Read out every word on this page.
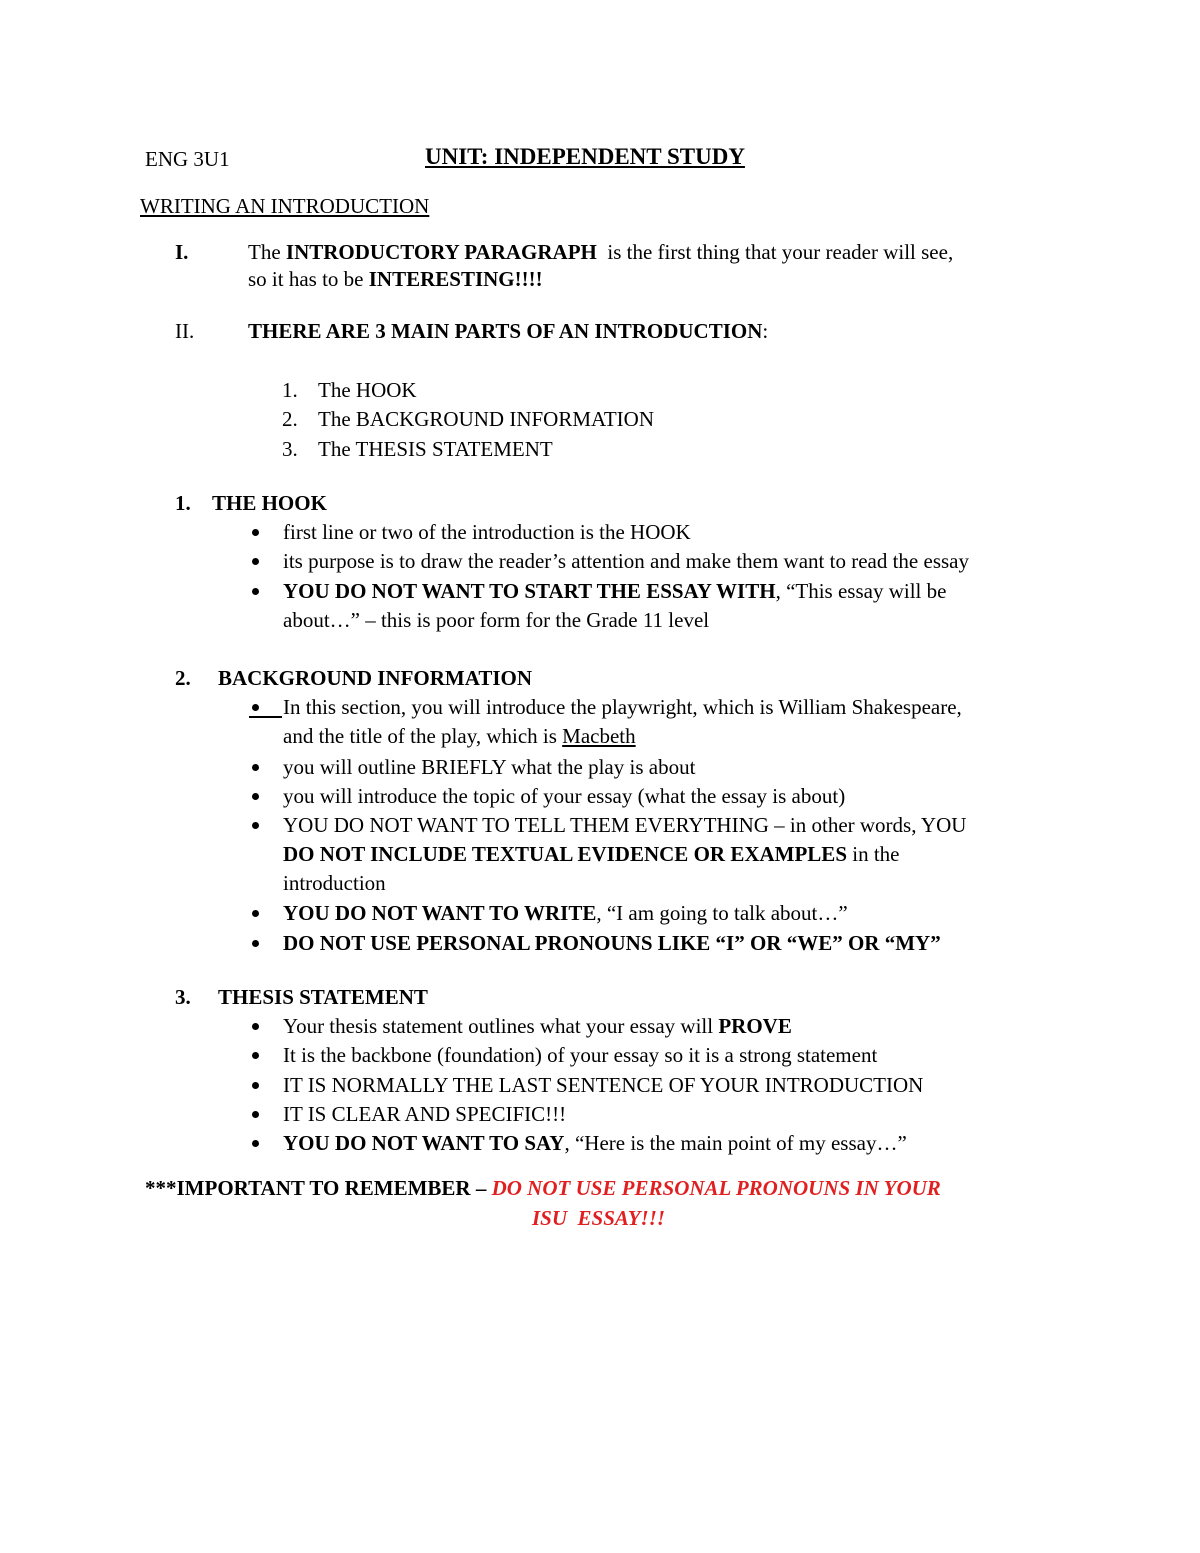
ENG 3U1	UNIT: INDEPENDENT STUDY
WRITING AN INTRODUCTION
I.	The INTRODUCTORY PARAGRAPH  is the first thing that your reader will see,
so it has to be INTERESTING!!!!
II.	THERE ARE 3 MAIN PARTS OF AN INTRODUCTION:
1. The HOOK
2. The BACKGROUND INFORMATION
3. The THESIS STATEMENT
1. THE HOOK
first line or two of the introduction is the HOOK
its purpose is to draw the reader’s attention and make them want to read the essay
YOU DO NOT WANT TO START THE ESSAY WITH, “This essay will be
about…” – this is poor form for the Grade 11 level
2. BACKGROUND INFORMATION
In this section, you will introduce the playwright, which is William Shakespeare,
and the title of the play, which is Macbeth
you will outline BRIEFLY what the play is about
you will introduce the topic of your essay (what the essay is about)
YOU DO NOT WANT TO TELL THEM EVERYTHING – in other words, YOU
DO NOT INCLUDE TEXTUAL EVIDENCE OR EXAMPLES in the
introduction
YOU DO NOT WANT TO WRITE, “I am going to talk about…”
DO NOT USE PERSONAL PRONOUNS LIKE “I” OR “WE” OR “MY”
3. THESIS STATEMENT
Your thesis statement outlines what your essay will PROVE
It is the backbone (foundation) of your essay so it is a strong statement
IT IS NORMALLY THE LAST SENTENCE OF YOUR INTRODUCTION
IT IS CLEAR AND SPECIFIC!!!
YOU DO NOT WANT TO SAY, “Here is the main point of my essay…”
***IMPORTANT TO REMEMBER – DO NOT USE PERSONAL PRONOUNS IN YOUR
ISU  ESSAY!!!
